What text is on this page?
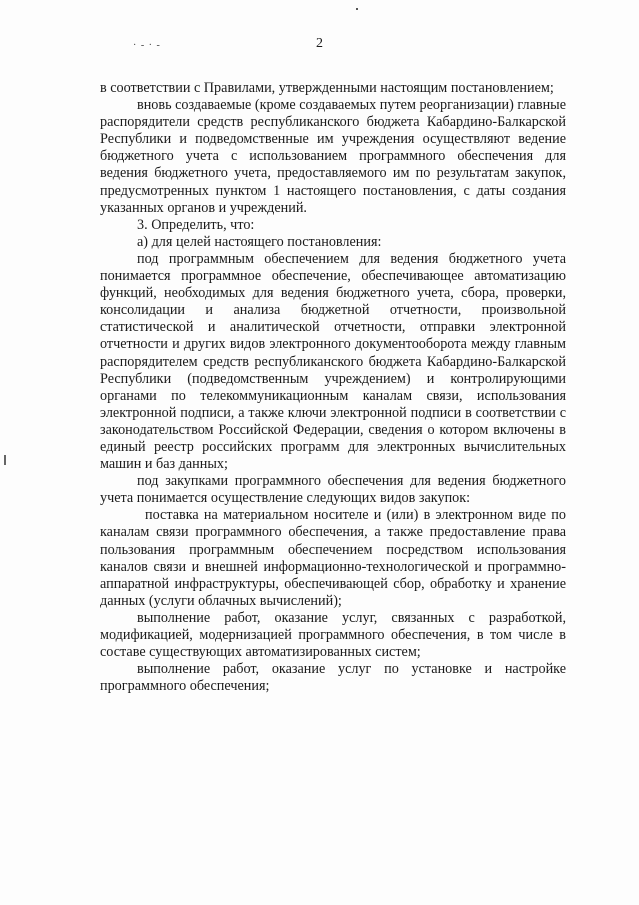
· - · -	2

в соответствии с Правилами, утвержденными настоящим постановлением;

вновь создаваемые (кроме создаваемых путем реорганизации) главные распорядители средств республиканского бюджета Кабардино-Балкарской Республики и подведомственные им учреждения осуществляют ведение бюджетного учета с использованием программного обеспечения для ведения бюджетного учета, предоставляемого им по результатам закупок, предусмотренных пунктом 1 настоящего постановления, с даты создания указанных органов и учреждений.

3. Определить, что:

а) для целей настоящего постановления:

под программным обеспечением для ведения бюджетного учета понимается программное обеспечение, обеспечивающее автоматизацию функций, необходимых для ведения бюджетного учета, сбора, проверки, консолидации и анализа бюджетной отчетности, произвольной статистической и аналитической отчетности, отправки электронной отчетности и других видов электронного документооборота между главным распорядителем средств республиканского бюджета Кабардино-Балкарской Республики (подведомственным учреждением) и контролирующими органами по телекоммуникационным каналам связи, использования электронной подписи, а также ключи электронной подписи в соответствии с законодательством Российской Федерации, сведения о котором включены в единый реестр российских программ для электронных вычислительных машин и баз данных;

под закупками программного обеспечения для ведения бюджетного учета понимается осуществление следующих видов закупок:

поставка на материальном носителе и (или) в электронном виде по каналам связи программного обеспечения, а также предоставление права пользования программным обеспечением посредством использования каналов связи и внешней информационно-технологической и программно-аппаратной инфраструктуры, обеспечивающей сбор, обработку и хранение данных (услуги облачных вычислений);

выполнение работ, оказание услуг, связанных с разработкой, модификацией, модернизацией программного обеспечения, в том числе в составе существующих автоматизированных систем;

выполнение работ, оказание услуг по установке и настройке программного обеспечения;
